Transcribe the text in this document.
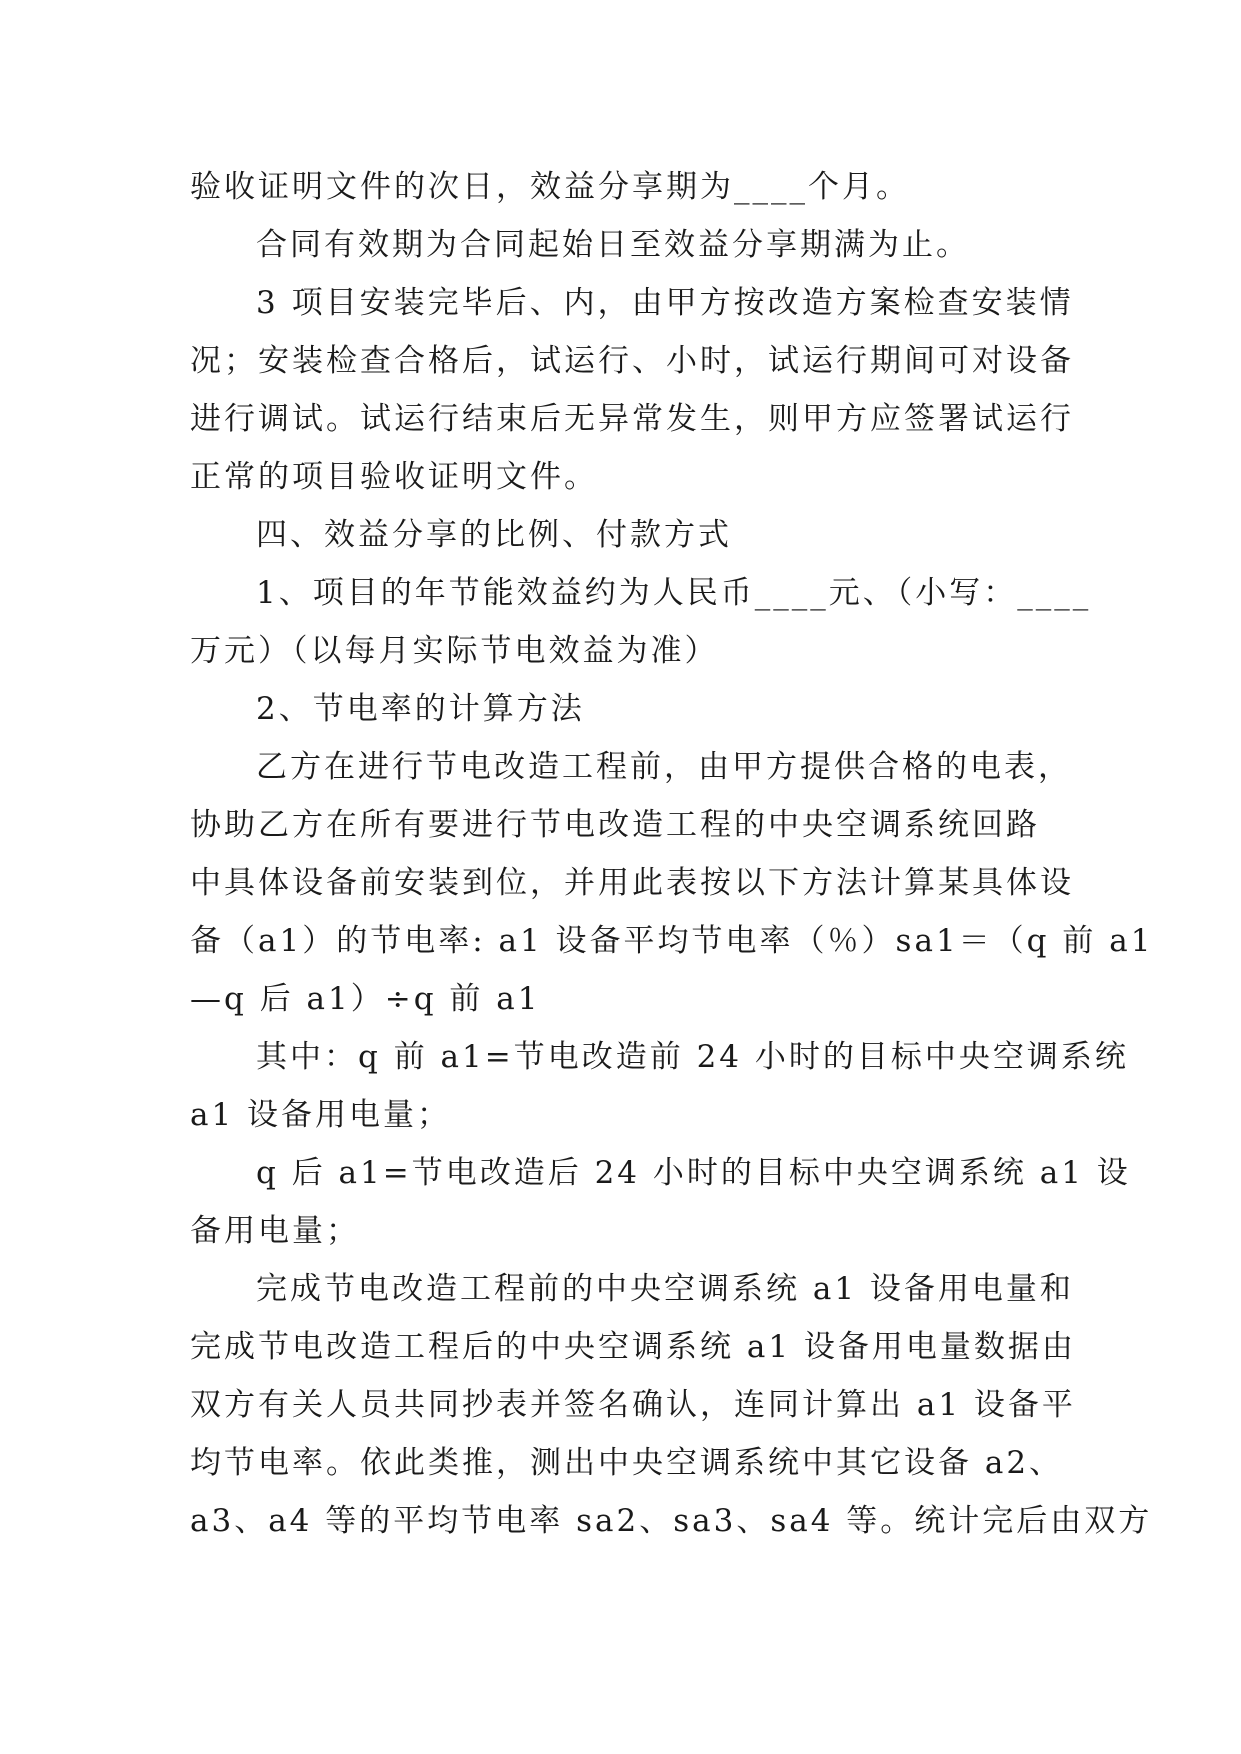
验收证明文件的次日，效益分享期为____个月。
合同有效期为合同起始日至效益分享期满为止。
3 项目安装完毕后、内，由甲方按改造方案检查安装情
况；安装检查合格后，试运行、小时，试运行期间可对设备
进行调试。试运行结束后无异常发生，则甲方应签署试运行
正常的项目验收证明文件。
四、效益分享的比例、付款方式
1、项目的年节能效益约为人民币____元、（小写：____
万元）（以每月实际节电效益为准）
2、节电率的计算方法
乙方在进行节电改造工程前，由甲方提供合格的电表，
协助乙方在所有要进行节电改造工程的中央空调系统回路
中具体设备前安装到位，并用此表按以下方法计算某具体设
备（a1）的节电率: a1 设备平均节电率（％）sa1＝（q 前 a1
—q 后 a1）÷q 前 a1
其中：q 前 a1=节电改造前 24 小时的目标中央空调系统
a1 设备用电量；
q 后 a1=节电改造后 24 小时的目标中央空调系统 a1 设
备用电量；
完成节电改造工程前的中央空调系统 a1 设备用电量和
完成节电改造工程后的中央空调系统 a1 设备用电量数据由
双方有关人员共同抄表并签名确认，连同计算出 a1 设备平
均节电率。依此类推，测出中央空调系统中其它设备 a2、
a3、a4 等的平均节电率 sa2、sa3、sa4 等。统计完后由双方
